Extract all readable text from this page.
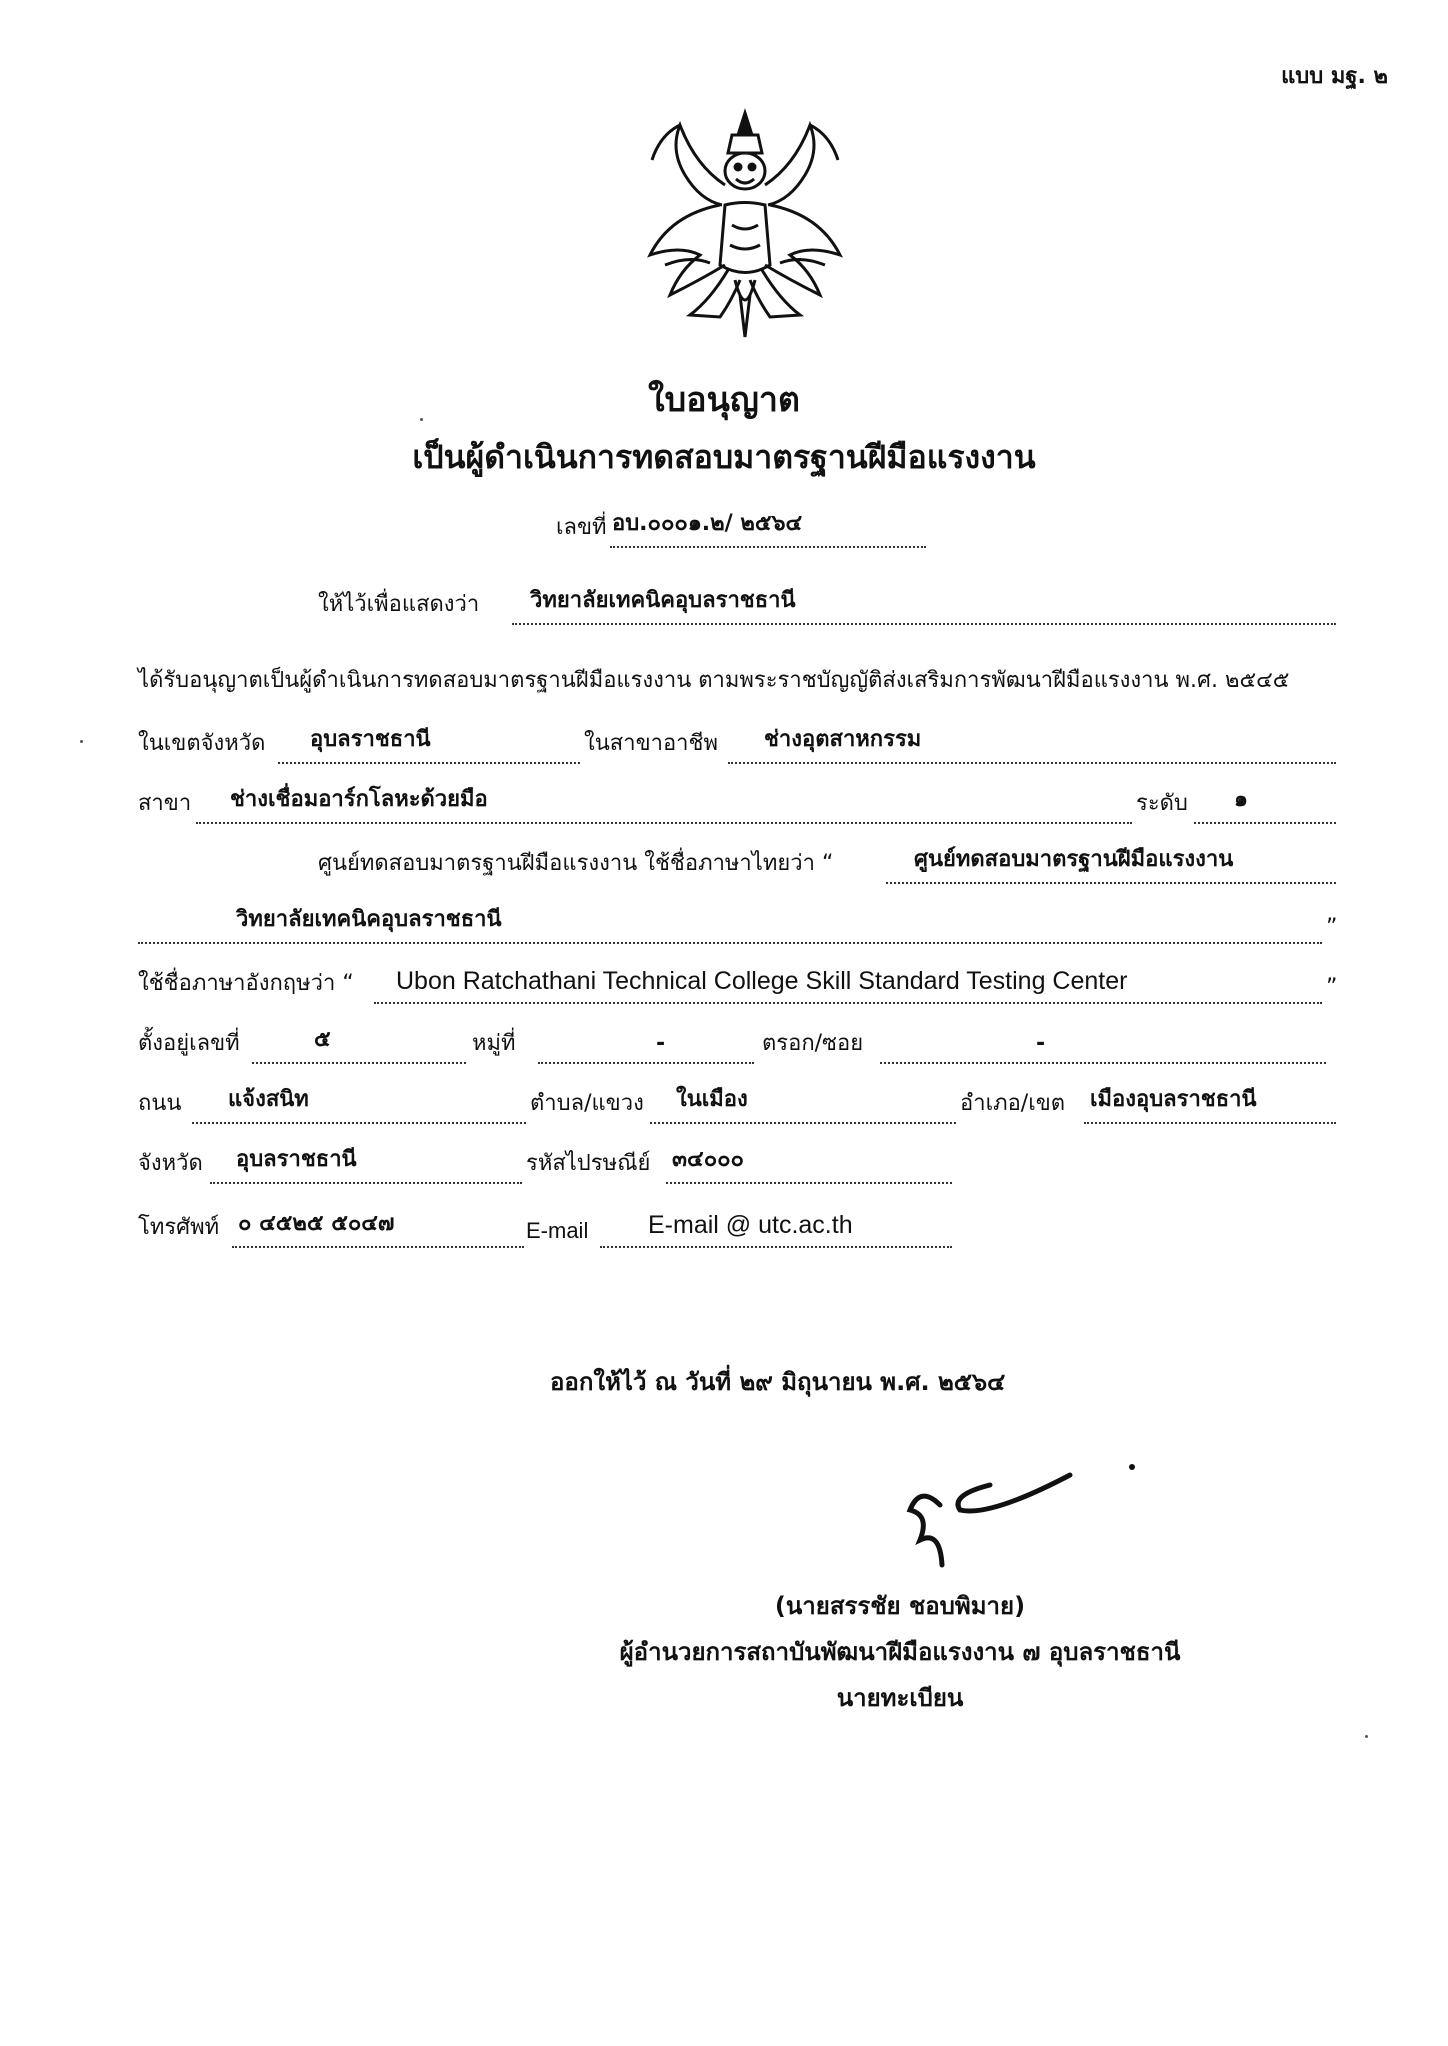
แบบ มฐ. ๒
ใบอนุญาต
เป็นผู้ดำเนินการทดสอบมาตรฐานฝีมือแรงงาน
เลขที่ อบ.๐๐๐๑.๒/ ๒๕๖๔
ให้ไว้เพื่อแสดงว่า วิทยาลัยเทคนิคอุบลราชธานี
ได้รับอนุญาตเป็นผู้ดำเนินการทดสอบมาตรฐานฝีมือแรงงาน ตามพระราชบัญญัติส่งเสริมการพัฒนาฝีมือแรงงาน พ.ศ. ๒๕๔๕
ในเขตจังหวัด อุบลราชธานี	ในสาขาอาชีพ ช่างอุตสาหกรรม
สาขา ช่างเชื่อมอาร์กโลหะด้วยมือ	ระดับ ๑
ศูนย์ทดสอบมาตรฐานฝีมือแรงงาน ใช้ชื่อภาษาไทยว่า “	ศูนย์ทดสอบมาตรฐานฝีมือแรงงาน
วิทยาลัยเทคนิคอุบลราชธานี	”
ใช้ชื่อภาษาอังกฤษว่า “ Ubon Ratchathani Technical College Skill Standard Testing Center	”
ตั้งอยู่เลขที่	๕	หมู่ที่	-	ตรอก/ซอย	-
ถนน แจ้งสนิท	ตำบล/แขวง ในเมือง	อำเภอ/เขต เมืองอุบลราชธานี
จังหวัด อุบลราชธานี	รหัสไปรษณีย์ ๓๔๐๐๐
โทรศัพท์ ๐ ๔๕๒๕ ๕๐๔๗	E-mail E-mail @ utc.ac.th
ออกให้ไว้ ณ วันที่ ๒๙ มิถุนายน พ.ศ. ๒๕๖๔
(นายสรรชัย ชอบพิมาย)
ผู้อำนวยการสถาบันพัฒนาฝีมือแรงงาน ๗ อุบลราชธานี
นายทะเบียน
